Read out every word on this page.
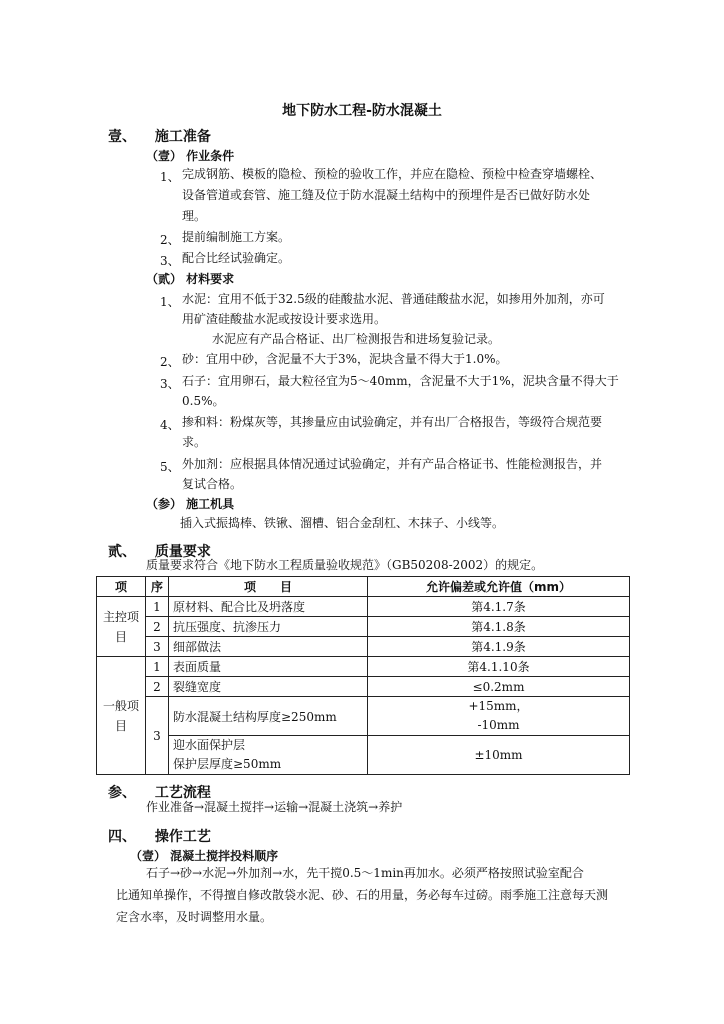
地下防水工程-防水混凝土
壹、 施工准备
（壹） 作业条件
1、 完成钢筋、模板的隐检、预检的验收工作，并应在隐检、预检中检查穿墙螺栓、
设备管道或套管、施工缝及位于防水混凝土结构中的预埋件是否已做好防水处
理。
2、 提前编制施工方案。
3、 配合比经试验确定。
（贰） 材料要求
1、 水泥：宜用不低于32.5级的硅酸盐水泥、普通硅酸盐水泥，如掺用外加剂，亦可
用矿渣硅酸盐水泥或按设计要求选用。
水泥应有产品合格证、出厂检测报告和进场复验记录。
2、 砂：宜用中砂，含泥量不大于3%，泥块含量不得大于1.0%。
3、 石子：宜用卵石，最大粒径宜为5～40mm，含泥量不大于1%，泥块含量不得大于
0.5%。
4、 掺和料：粉煤灰等，其掺量应由试验确定，并有出厂合格报告，等级符合规范要
求。
5、 外加剂：应根据具体情况通过试验确定，并有产品合格证书、性能检测报告，并
复试合格。
（参） 施工机具
插入式振捣棒、铁锹、溜槽、铝合金刮杠、木抹子、小线等。
贰、 质量要求
质量要求符合《地下防水工程质量验收规范》（GB50208-2002）的规定。
项	序	项　　目	允许偏差或允许值（mm）
主控项目	1	原材料、配合比及坍落度	第4.1.7条
	2	抗压强度、抗渗压力	第4.1.8条
	3	细部做法	第4.1.9条
一般项目	1	表面质量	第4.1.10条
	2	裂缝宽度	≤0.2mm
	3	防水混凝土结构厚度≥250mm	+15mm，
-10mm

		迎水面保护层
保护层厚度≥50mm	±10mm
参、 工艺流程
作业准备→混凝土搅拌→运输→混凝土浇筑→养护
四、 操作工艺
（壹） 混凝土搅拌投料顺序
石子→砂→水泥→外加剂→水，先干搅0.5～1min再加水。必须严格按照试验室配合
比通知单操作，不得擅自修改散袋水泥、砂、石的用量，务必每车过磅。雨季施工注意每天测
定含水率，及时调整用水量。
